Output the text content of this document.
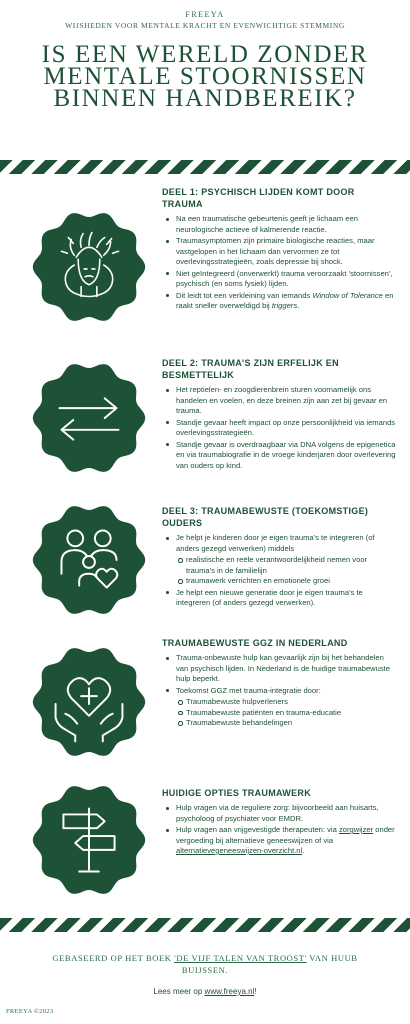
FREEYA
WIJSHEDEN VOOR MENTALE KRACHT EN EVENWICHTIGE STEMMING
IS EEN WERELD ZONDER MENTALE STOORNISSEN BINNEN HANDBEREIK?
DEEL 1: PSYCHISCH LIJDEN KOMT DOOR TRAUMA
Na een traumatische gebeurtenis geeft je lichaam een neurologische actieve of kalmerende reactie.
Traumasymptomen zijn primaire biologische reacties, maar vastgelopen in het lichaam dan vervormen ze tot overlevingsstrategieën, zoals depressie bij shock.
Niet geïntegreerd (onverwerkt) trauma veroorzaakt 'stoornissen', psychisch (en soms fysiek) lijden.
Dit leidt tot een verkleining van iemands Window of Tolerance en raakt sneller overweldigd bij triggers.
DEEL 2: TRAUMA'S ZIJN ERFELIJK EN BESMETTELIJK
Het reptielen- en zoogdierenbrein sturen voornamelijk ons handelen en voelen, en deze breinen zijn aan zet bij gevaar en trauma.
Standje gevaar heeft impact op onze persoonlijkheid via iemands overlevingsstrategieën.
Standje gevaar is overdraagbaar via DNA volgens de epigenetica en via traumabiografie in de vroege kinderjaren door overlevering van ouders op kind.
DEEL 3: TRAUMABEWUSTE (TOEKOMSTIGE) OUDERS
Je helpt je kinderen door je eigen trauma's te integreren (of anders gezegd verwerken) middels
realistische en reële verantwoordelijkheid nemen voor trauma's in de familielijn
traumawerk verrichten en emotionele groei
Je helpt een nieuwe generatie door je eigen trauma's te integreren (of anders gezegd verwerken).
TRAUMABEWUSTE GGZ IN NEDERLAND
Trauma-onbewuste hulp kan gevaarlijk zijn bij het behandelen van psychisch lijden. In Nederland is de huidige traumabewuste hulp beperkt.
Toekomst GGZ met trauma-integratie door:
Traumabewuste hulpverleners
Traumabewuste patiënten en trauma-educatie
Traumabewuste behandelingen
HUIDIGE OPTIES TRAUMAWERK
Hulp vragen via de reguliere zorg: bijvoorbeeld aan huisarts, psycholoog of psychiater voor EMDR.
Hulp vragen aan vrijgevestigde therapeuten: via zorgwijzer onder vergoeding bij alternatieve geneeswijzen of via alternatievegeneeswijzen-overzicht.nl.
GEBASEERD OP HET BOEK 'DE VIJF TALEN VAN TROOST' VAN HUUB BUIJSSEN.
Lees meer op www.freeya.nl!
FREEYA ©2023
